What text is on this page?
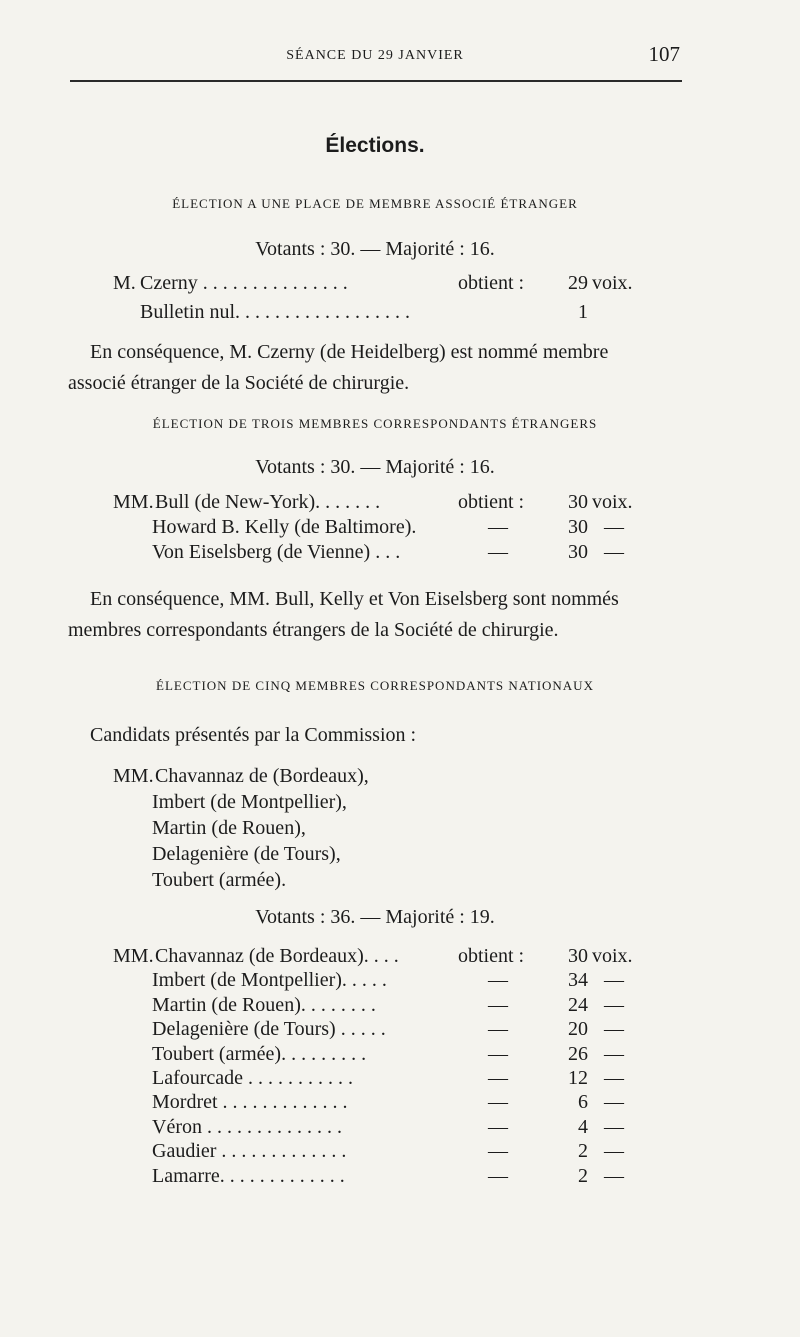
SÉANCE DU 29 JANVIER	107
Élections.
ÉLECTION A UNE PLACE DE MEMBRE ASSOCIÉ ÉTRANGER
Votants : 30. — Majorité : 16.
M. Czerny . . . . . . . . . . . . . . .	obtient :	29 voix.
Bulletin nul. . . . . . . . . . . . . . . . . .	1
En conséquence, M. Czerny (de Heidelberg) est nommé membre
associé étranger de la Société de chirurgie.
ÉLECTION DE TROIS MEMBRES CORRESPONDANTS ÉTRANGERS
Votants : 30. — Majorité : 16.
MM. Bull (de New-York). . . . . . .	obtient :	30 voix.
Howard B. Kelly (de Baltimore).	—	30 —
Von Eiselsberg (de Vienne) . . .	—	30 —
En conséquence, MM. Bull, Kelly et Von Eiselsberg sont nommés
membres correspondants étrangers de la Société de chirurgie.
ÉLECTION DE CINQ MEMBRES CORRESPONDANTS NATIONAUX
Candidats présentés par la Commission :
MM. Chavannaz de (Bordeaux),
Imbert (de Montpellier),
Martin (de Rouen),
Delagenière (de Tours),
Toubert (armée).
Votants : 36. — Majorité : 19.
MM. Chavannaz (de Bordeaux). . . .	obtient :	30 voix.
Imbert (de Montpellier). . . . .	—	34 —
Martin (de Rouen). . . . . . . .	—	24 —
Delagenière (de Tours) . . . . .	—	20 —
Toubert (armée). . . . . . . . .	—	26 —
Lafourcade . . . . . . . . . . .	—	12 —
Mordret . . . . . . . . . . . . .	—	6 —
Véron . . . . . . . . . . . . . .	—	4 —
Gaudier . . . . . . . . . . . . .	—	2 —
Lamarre. . . . . . . . . . . . .	—	2 —
